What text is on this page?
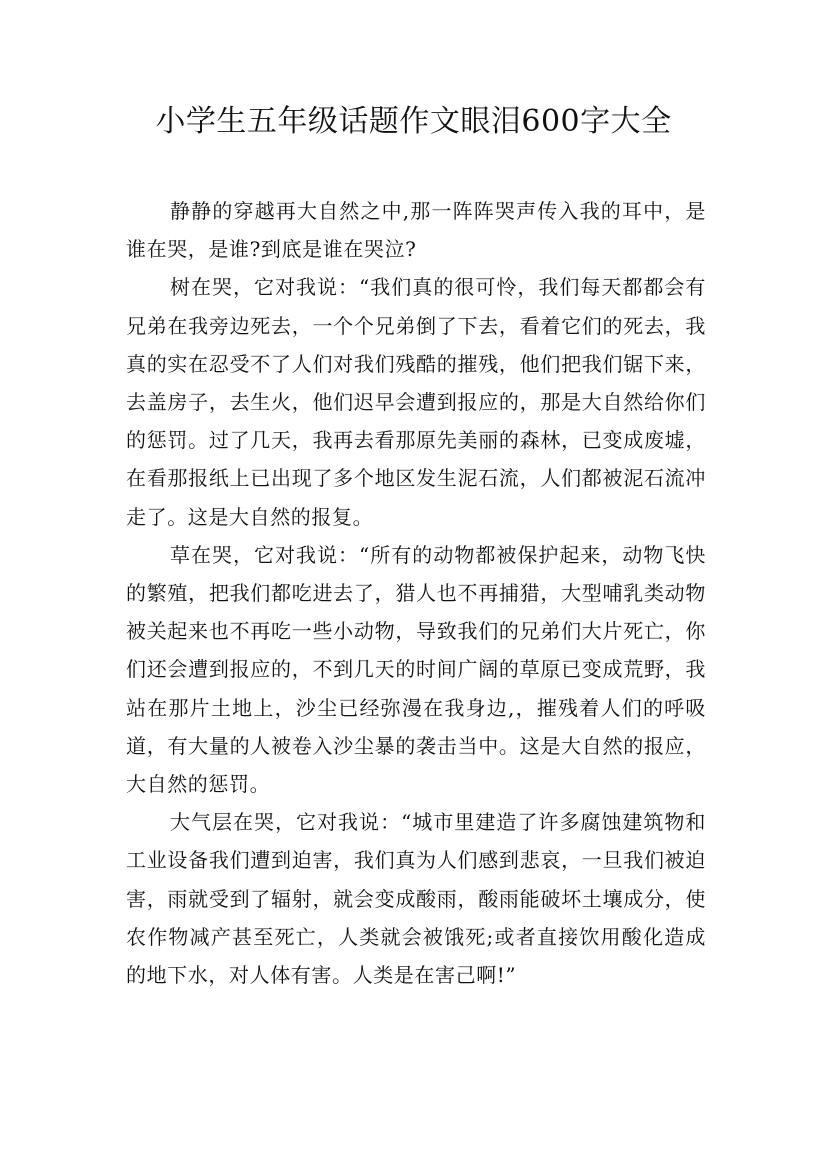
小学生五年级话题作文眼泪600字大全

静静的穿越再大自然之中,那一阵阵哭声传入我的耳中，是谁在哭，是谁?到底是谁在哭泣?

树在哭，它对我说：“我们真的很可怜，我们每天都都会有兄弟在我旁边死去，一个个兄弟倒了下去，看着它们的死去，我真的实在忍受不了人们对我们残酷的摧残，他们把我们锯下来，去盖房子，去生火，他们迟早会遭到报应的，那是大自然给你们的惩罚。过了几天，我再去看那原先美丽的森林，已变成废墟，在看那报纸上已出现了多个地区发生泥石流，人们都被泥石流冲走了。这是大自然的报复。

草在哭，它对我说：“所有的动物都被保护起来，动物飞快的繁殖，把我们都吃进去了，猎人也不再捕猎，大型哺乳类动物被关起来也不再吃一些小动物，导致我们的兄弟们大片死亡，你们还会遭到报应的，不到几天的时间广阔的草原已变成荒野，我站在那片土地上，沙尘已经弥漫在我身边,，摧残着人们的呼吸道，有大量的人被卷入沙尘暴的袭击当中。这是大自然的报应，大自然的惩罚。

大气层在哭，它对我说：“城市里建造了许多腐蚀建筑物和工业设备我们遭到迫害，我们真为人们感到悲哀，一旦我们被迫害，雨就受到了辐射，就会变成酸雨，酸雨能破坏土壤成分，使农作物减产甚至死亡，人类就会被饿死;或者直接饮用酸化造成的地下水，对人体有害。人类是在害己啊!”
